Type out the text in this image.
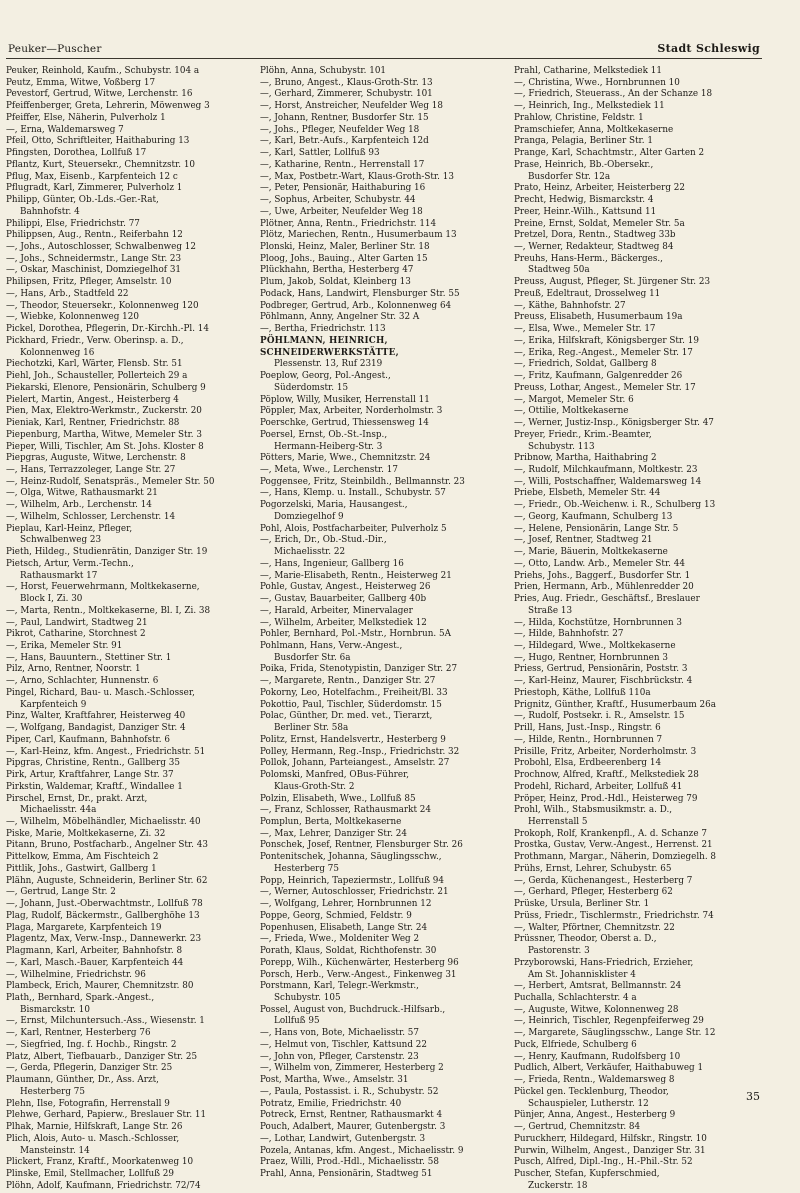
Peuker—Puscher	Stadt Schleswig
Peuker, Reinhold, Kaufm., Schubystr. 104 a
Peutz, Emma, Witwe, Voßberg 17
Pevestorf, Gertrud, Witwe, Lerchenstr. 16
Pfeiffenberger, Greta, Lehrerin, Möwenweg 3
Pfeiffer, Else, Näherin, Pulverholz 1
—, Erna, Waldemarsweg 7
Pfeil, Otto, Schriftleiter, Haithaburing 13
Pfingsten, Dorothea, Lollfuß 17
Pflantz, Kurt, Steuersekr., Chemnitzstr. 10
Pflug, Max, Eisenb., Karpfenteich 12 c
Pflugradt, Karl, Zimmerer, Pulverholz 1
Philipp, Günter, Ob.-Lds.-Ger.-Rat,
Bahnhofstr. 4
Philippi, Else, Friedrichstr. 77
Philippsen, Aug., Rentn., Reiferbahn 12
—, Johs., Autoschlosser, Schwalbenweg 12
—, Johs., Schneidermstr., Lange Str. 23
—, Oskar, Maschinist, Domziegelhof 31
Philipsen, Fritz, Pfleger, Amselstr. 10
—, Hans, Arb., Stadtfeld 22
—, Theodor, Steuersekr., Kolonnenweg 120
—, Wiebke, Kolonnenweg 120
Pickel, Dorothea, Pflegerin, Dr.-Kirchh.-Pl. 14
Pickhard, Friedr., Verw. Oberinsp. a. D.,
Kolonnenweg 16
Piechotzki, Karl, Wärter, Flensb. Str. 51
Piehl, Joh., Schausteller, Pollerteich 29 a
Piekarski, Elenore, Pensionärin, Schulberg 9
Pielert, Martin, Angest., Heisterberg 4
Pien, Max, Elektro-Werkmstr., Zuckerstr. 20
Pieniak, Karl, Rentner, Friedrichstr. 88
Piepenburg, Martha, Witwe, Memeler Str. 3
Pieper, Willi, Tischler, Am St. Johs. Kloster 8
Piepgras, Auguste, Witwe, Lerchenstr. 8
—, Hans, Terrazzoleger, Lange Str. 27
—, Heinz-Rudolf, Senatspräs., Memeler Str. 50
—, Olga, Witwe, Rathausmarkt 21
—, Wilhelm, Arb., Lerchenstr. 14
—, Wilhelm, Schlosser, Lerchenstr. 14
Pieplau, Karl-Heinz, Pfleger,
Schwalbenweg 23
Pieth, Hildeg., Studienrätin, Danziger Str. 19
Pietsch, Artur, Verm.-Techn.,
Rathausmarkt 17
—, Horst, Feuerwehrmann, Moltkekaserne,
Block I, Zi. 30
—, Marta, Rentn., Moltkekaserne, Bl. I, Zi. 38
—, Paul, Landwirt, Stadtweg 21
Pikrot, Catharine, Storchnest 2
—, Erika, Memeler Str. 91
—, Hans, Bauuntern., Stettiner Str. 1
Pilz, Arno, Rentner, Noorstr. 1
—, Arno, Schlachter, Hunnenstr. 6
Pingel, Richard, Bau- u. Masch.-Schlosser,
Karpfenteich 9
Pinz, Walter, Kraftfahrer, Heisterweg 40
—, Wolfgang, Bandagist, Danziger Str. 4
Piper, Carl, Kaufmann, Bahnhofstr. 6
—, Karl-Heinz, kfm. Angest., Friedrichstr. 51
Pipgras, Christine, Rentn., Gallberg 35
Pirk, Artur, Kraftfahrer, Lange Str. 37
Pirkstin, Waldemar, Kraftf., Windallee 1
Pirschel, Ernst, Dr., prakt. Arzt,
Michaelisstr. 44a
—, Wilhelm, Möbelhändler, Michaelisstr. 40
Piske, Marie, Moltkekaserne, Zi. 32
Pitann, Bruno, Postfacharb., Angelner Str. 43
Pittelkow, Emma, Am Fischteich 2
Pittlik, Johs., Gastwirt, Gallberg 1
Plähn, Auguste, Schneiderin, Berliner Str. 62
—, Gertrud, Lange Str. 2
—, Johann, Just.-Oberwachtmstr., Lollfuß 78
Plag, Rudolf, Bäckermstr., Gallberghöhe 13
Plaga, Margarete, Karpfenteich 19
Plagentz, Max, Verw.-Insp., Dannewerkr. 23
Plagmann, Karl, Arbeiter, Bahnhofstr. 8
—, Karl, Masch.-Bauer, Karpfenteich 44
—, Wilhelmine, Friedrichstr. 96
Plambeck, Erich, Maurer, Chemnitzstr. 80
Plath,, Bernhard, Spark.-Angest.,
Bismarckstr. 10
—, Ernst, Milchuntersuch.-Ass., Wiesenstr. 1
—, Karl, Rentner, Hesterberg 76
—, Siegfried, Ing. f. Hochb., Ringstr. 2
Platz, Albert, Tiefbauarb., Danziger Str. 25
—, Gerda, Pflegerin, Danziger Str. 25
Plaumann, Günther, Dr., Ass. Arzt,
Hesterberg 75
Plehn, Ilse, Fotografin, Herrenstall 9
Plehwe, Gerhard, Papierw., Breslauer Str. 11
Plhak, Marnie, Hilfskraft, Lange Str. 26
Plich, Alois, Auto- u. Masch.-Schlosser,
Mansteinstr. 14
Plickert, Franz, Kraftf., Moorkatenweg 10
Plinske, Emil, Stellmacher, Lollfuß 29
Plöhn, Adolf, Kaufmann, Friedrichstr. 72/74
Plöhn, Anna, Schubystr. 101
—, Bruno, Angest., Klaus-Groth-Str. 13
—, Gerhard, Zimmerer, Schubystr. 101
—, Horst, Anstreicher, Neufelder Weg 18
—, Johann, Rentner, Busdorfer Str. 15
—, Johs., Pfleger, Neufelder Weg 18
—, Karl, Betr.-Aufs., Karpfenteich 12d
—, Karl, Sattler, Lollfuß 93
—, Katharine, Rentn., Herrenstall 17
—, Max, Postbetr.-Wart, Klaus-Groth-Str. 13
—, Peter, Pensionär, Haithaburing 16
—, Sophus, Arbeiter, Schubystr. 44
—, Uwe, Arbeiter, Neufelder Weg 18
Plötner, Anna, Rentn., Friedrichstr. 114
Plötz, Mariechen, Rentn., Husumerbaum 13
Plonski, Heinz, Maler, Berliner Str. 18
Ploog, Johs., Bauing., Alter Garten 15
Plückhahn, Bertha, Hesterberg 47
Plum, Jakob, Soldat, Kleinberg 13
Podack, Hans, Landwirt, Flensburger Str. 55
Podbreger, Gertrud, Arb., Kolonnenweg 64
Pöhlmann, Anny, Angelner Str. 32 A
—, Bertha, Friedrichstr. 113
PÖHLMANN, HEINRICH,
SCHNEIDERWERKSTÄTTE,
Plessenstr. 13, Ruf 2319
Poeplow, Georg, Pol.-Angest.,
Süderdomstr. 15
Pöplow, Willy, Musiker, Herrenstall 11
Pöppler, Max, Arbeiter, Norderholmstr. 3
Poerschke, Gertrud, Thiessensweg 14
Poersel, Ernst, Ob.-St.-Insp.,
Hermann-Heiberg-Str. 3
Pötters, Marie, Wwe., Chemnitzstr. 24
—, Meta, Wwe., Lerchenstr. 17
Poggensee, Fritz, Steinbildh., Bellmannstr. 23
—, Hans, Klemp. u. Install., Schubystr. 57
Pogorzelski, Maria, Hausangest.,
Domziegelhof 9
Pohl, Alois, Postfacharbeiter, Pulverholz 5
—, Erich, Dr., Ob.-Stud.-Dir.,
Michaelisstr. 22
—, Hans, Ingenieur, Gallberg 16
—, Marie-Elisabeth, Rentn., Heisterweg 21
Pohle, Gustav, Angest., Heisterweg 26
—, Gustav, Bauarbeiter, Gallberg 40b
—, Harald, Arbeiter, Minervalager
—, Wilhelm, Arbeiter, Melkstediek 12
Pohler, Bernhard, Pol.-Mstr., Hornbrun. 5A
Pohlmann, Hans, Verw.-Angest.,
Busdorfer Str. 6a
Poika, Frida, Stenotypistin, Danziger Str. 27
—, Margarete, Rentn., Danziger Str. 27
Pokorny, Leo, Hotelfachm., Freiheit/Bl. 33
Pokottio, Paul, Tischler, Süderdomstr. 15
Polac, Günther, Dr. med. vet., Tierarzt,
Berliner Str. 58a
Politz, Ernst, Handelsvertr., Hesterberg 9
Polley, Hermann, Reg.-Insp., Friedrichstr. 32
Pollok, Johann, Parteiangest., Amselstr. 27
Polomski, Manfred, OBus-Führer,
Klaus-Groth-Str. 2
Polzin, Elisabeth, Wwe., Lollfuß 85
—, Franz, Schlosser, Rathausmarkt 24
Pomplun, Berta, Moltkekaserne
—, Max, Lehrer, Danziger Str. 24
Ponschek, Josef, Rentner, Flensburger Str. 26
Pontenitschek, Johanna, Säuglingsschw.,
Hesterberg 75
Popp, Heinrich, Tapeziermstr., Lollfuß 94
—, Werner, Autoschlosser, Friedrichstr. 21
—, Wolfgang, Lehrer, Hornbrunnen 12
Poppe, Georg, Schmied, Feldstr. 9
Popenhusen, Elisabeth, Lange Str. 24
—, Frieda, Wwe., Moldeniter Weg 2
Porath, Klaus, Soldat, Richthofenstr. 30
Porepp, Wilh., Küchenwärter, Hesterberg 96
Porsch, Herb., Verw.-Angest., Finkenweg 31
Porstmann, Karl, Telegr.-Werkmstr.,
Schubystr. 105
Possel, August von, Buchdruck.-Hilfsarb.,
Lollfuß 95
—, Hans von, Bote, Michaelisstr. 57
—, Helmut von, Tischler, Kattsund 22
—, John von, Pfleger, Carstenstr. 23
—, Wilhelm von, Zimmerer, Hesterberg 2
Post, Martha, Wwe., Amselstr. 31
—, Paula, Postassist. i. R., Schubystr. 52
Potratz, Emilie, Friedrichstr. 40
Potreck, Ernst, Rentner, Rathausmarkt 4
Pouch, Adalbert, Maurer, Gutenbergstr. 3
—, Lothar, Landwirt, Gutenbergstr. 3
Pozela, Antanas, kfm. Angest., Michaelisstr. 9
Praez, Willi, Prod.-Hdl., Michaelisstr. 58
Prahl, Anna, Pensionärin, Stadtweg 51
Prahl, Catharine, Melkstediek 11
—, Christina, Wwe., Hornbrunnen 10
—, Friedrich, Steuerass., An der Schanze 18
—, Heinrich, Ing., Melkstediek 11
Prahlow, Christine, Feldstr. 1
Pramschiefer, Anna, Moltkekaserne
Pranga, Pelagia, Berliner Str. 1
Prange, Karl, Schachtmstr., Alter Garten 2
Prase, Heinrich, Bb.-Obersekr.,
Busdorfer Str. 12a
Prato, Heinz, Arbeiter, Heisterberg 22
Precht, Hedwig, Bismarckstr. 4
Preer, Heinr.-Wilh., Kattsund 11
Preine, Ernst, Soldat, Memeler Str. 5a
Pretzel, Dora, Rentn., Stadtweg 33b
—, Werner, Redakteur, Stadtweg 84
Preuhs, Hans-Herm., Bäckerges.,
Stadtweg 50a
Preuss, August, Pfleger, St. Jürgener Str. 23
Preuß, Edeltraut, Drosselweg 11
—, Käthe, Bahnhofstr. 27
Preuss, Elisabeth, Husumerbaum 19a
—, Elsa, Wwe., Memeler Str. 17
—, Erika, Hilfskraft, Königsberger Str. 19
—, Erika, Reg.-Angest., Memeler Str. 17
—, Friedrich, Soldat, Gallberg 8
—, Fritz, Kaufmann, Galgenredder 26
Preuss, Lothar, Angest., Memeler Str. 17
—, Margot, Memeler Str. 6
—, Ottilie, Moltkekaserne
—, Werner, Justiz-Insp., Königsberger Str. 47
Preyer, Friedr., Krim.-Beamter,
Schubystr. 113
Pribnow, Martha, Haithabring 2
—, Rudolf, Milchkaufmann, Moltkestr. 23
—, Willi, Postschaffner, Waldemarsweg 14
Priebe, Elsbeth, Memeler Str. 44
—, Friedr., Ob.-Weichenw. i. R., Schulberg 13
—, Georg, Kaufmann, Schulberg 13
—, Helene, Pensionärin, Lange Str. 5
—, Josef, Rentner, Stadtweg 21
—, Marie, Bäuerin, Moltkekaserne
—, Otto, Landw. Arb., Memeler Str. 44
Priehs, Johs., Baggerf., Busdorfer Str. 1
Prien, Hermann, Arb., Mühlenredder 20
Pries, Aug. Friedr., Geschäftsf., Breslauer
Straße 13
—, Hilda, Kochstütze, Hornbrunnen 3
—, Hilde, Bahnhofstr. 27
—, Hildegard, Wwe., Moltkekaserne
—, Hugo, Rentner, Hornbrunnen 3
Priess, Gertrud, Pensionärin, Poststr. 3
—, Karl-Heinz, Maurer, Fischbrückstr. 4
Priestoph, Käthe, Lollfuß 110a
Prignitz, Günther, Kraftf., Husumerbaum 26a
—, Rudolf, Postsekr. i. R., Amselstr. 15
Prill, Hans, Just.-Insp., Ringstr. 6
—, Hilde, Rentn., Hornbrunnen 7
Prisille, Fritz, Arbeiter, Norderholmstr. 3
Probohl, Elsa, Erdbeerenberg 14
Prochnow, Alfred, Kraftf., Melkstediek 28
Prodehl, Richard, Arbeiter, Lollfuß 41
Pröper, Heinz, Prod.-Hdl., Heisterweg 79
Prohl, Wilh., Stabsmusikmstr. a. D.,
Herrenstall 5
Prokoph, Rolf, Krankenpfl., A. d. Schanze 7
Prostka, Gustav, Verw.-Angest., Herrenst. 21
Prothmann, Margar., Näherin, Domziegelh. 8
Prühs, Ernst, Lehrer, Schubystr. 65
—, Gerda, Küchenangest., Hesterberg 7
—, Gerhard, Pfleger, Hesterberg 62
Prüske, Ursula, Berliner Str. 1
Prüss, Friedr., Tischlermstr., Friedrichstr. 74
—, Walter, Pförtner, Chemnitzstr. 22
Prüssner, Theodor, Oberst a. D.,
Pastorenstr. 3
Przyborowski, Hans-Friedrich, Erzieher,
Am St. Johannisklister 4
—, Herbert, Amtsrat, Bellmannstr. 24
Puchalla, Schlachterstr. 4 a
—, Auguste, Witwe, Kolonnenweg 28
—, Heinrich, Tischler, Regenpfeiferweg 29
—, Margarete, Säuglingsschw., Lange Str. 12
Puck, Elfriede, Schulberg 6
—, Henry, Kaufmann, Rudolfsberg 10
Pudlich, Albert, Verkäufer, Haithabuweg 1
—, Frieda, Rentn., Waldemarsweg 8
Pückel gen. Tecklenburg, Theodor,
Schauspieler, Lutherstr. 12
Pünjer, Anna, Angest., Hesterberg 9
—, Gertrud, Chemnitzstr. 84
Puruckherr, Hildegard, Hilfskr., Ringstr. 10
Purwin, Wilhelm, Angest., Danziger Str. 31
Pusch, Alfred, Dipl.-Ing., H.-Phil.-Str. 52
Puscher, Stefan, Kupferschmied,
Zuckerstr. 18
35
